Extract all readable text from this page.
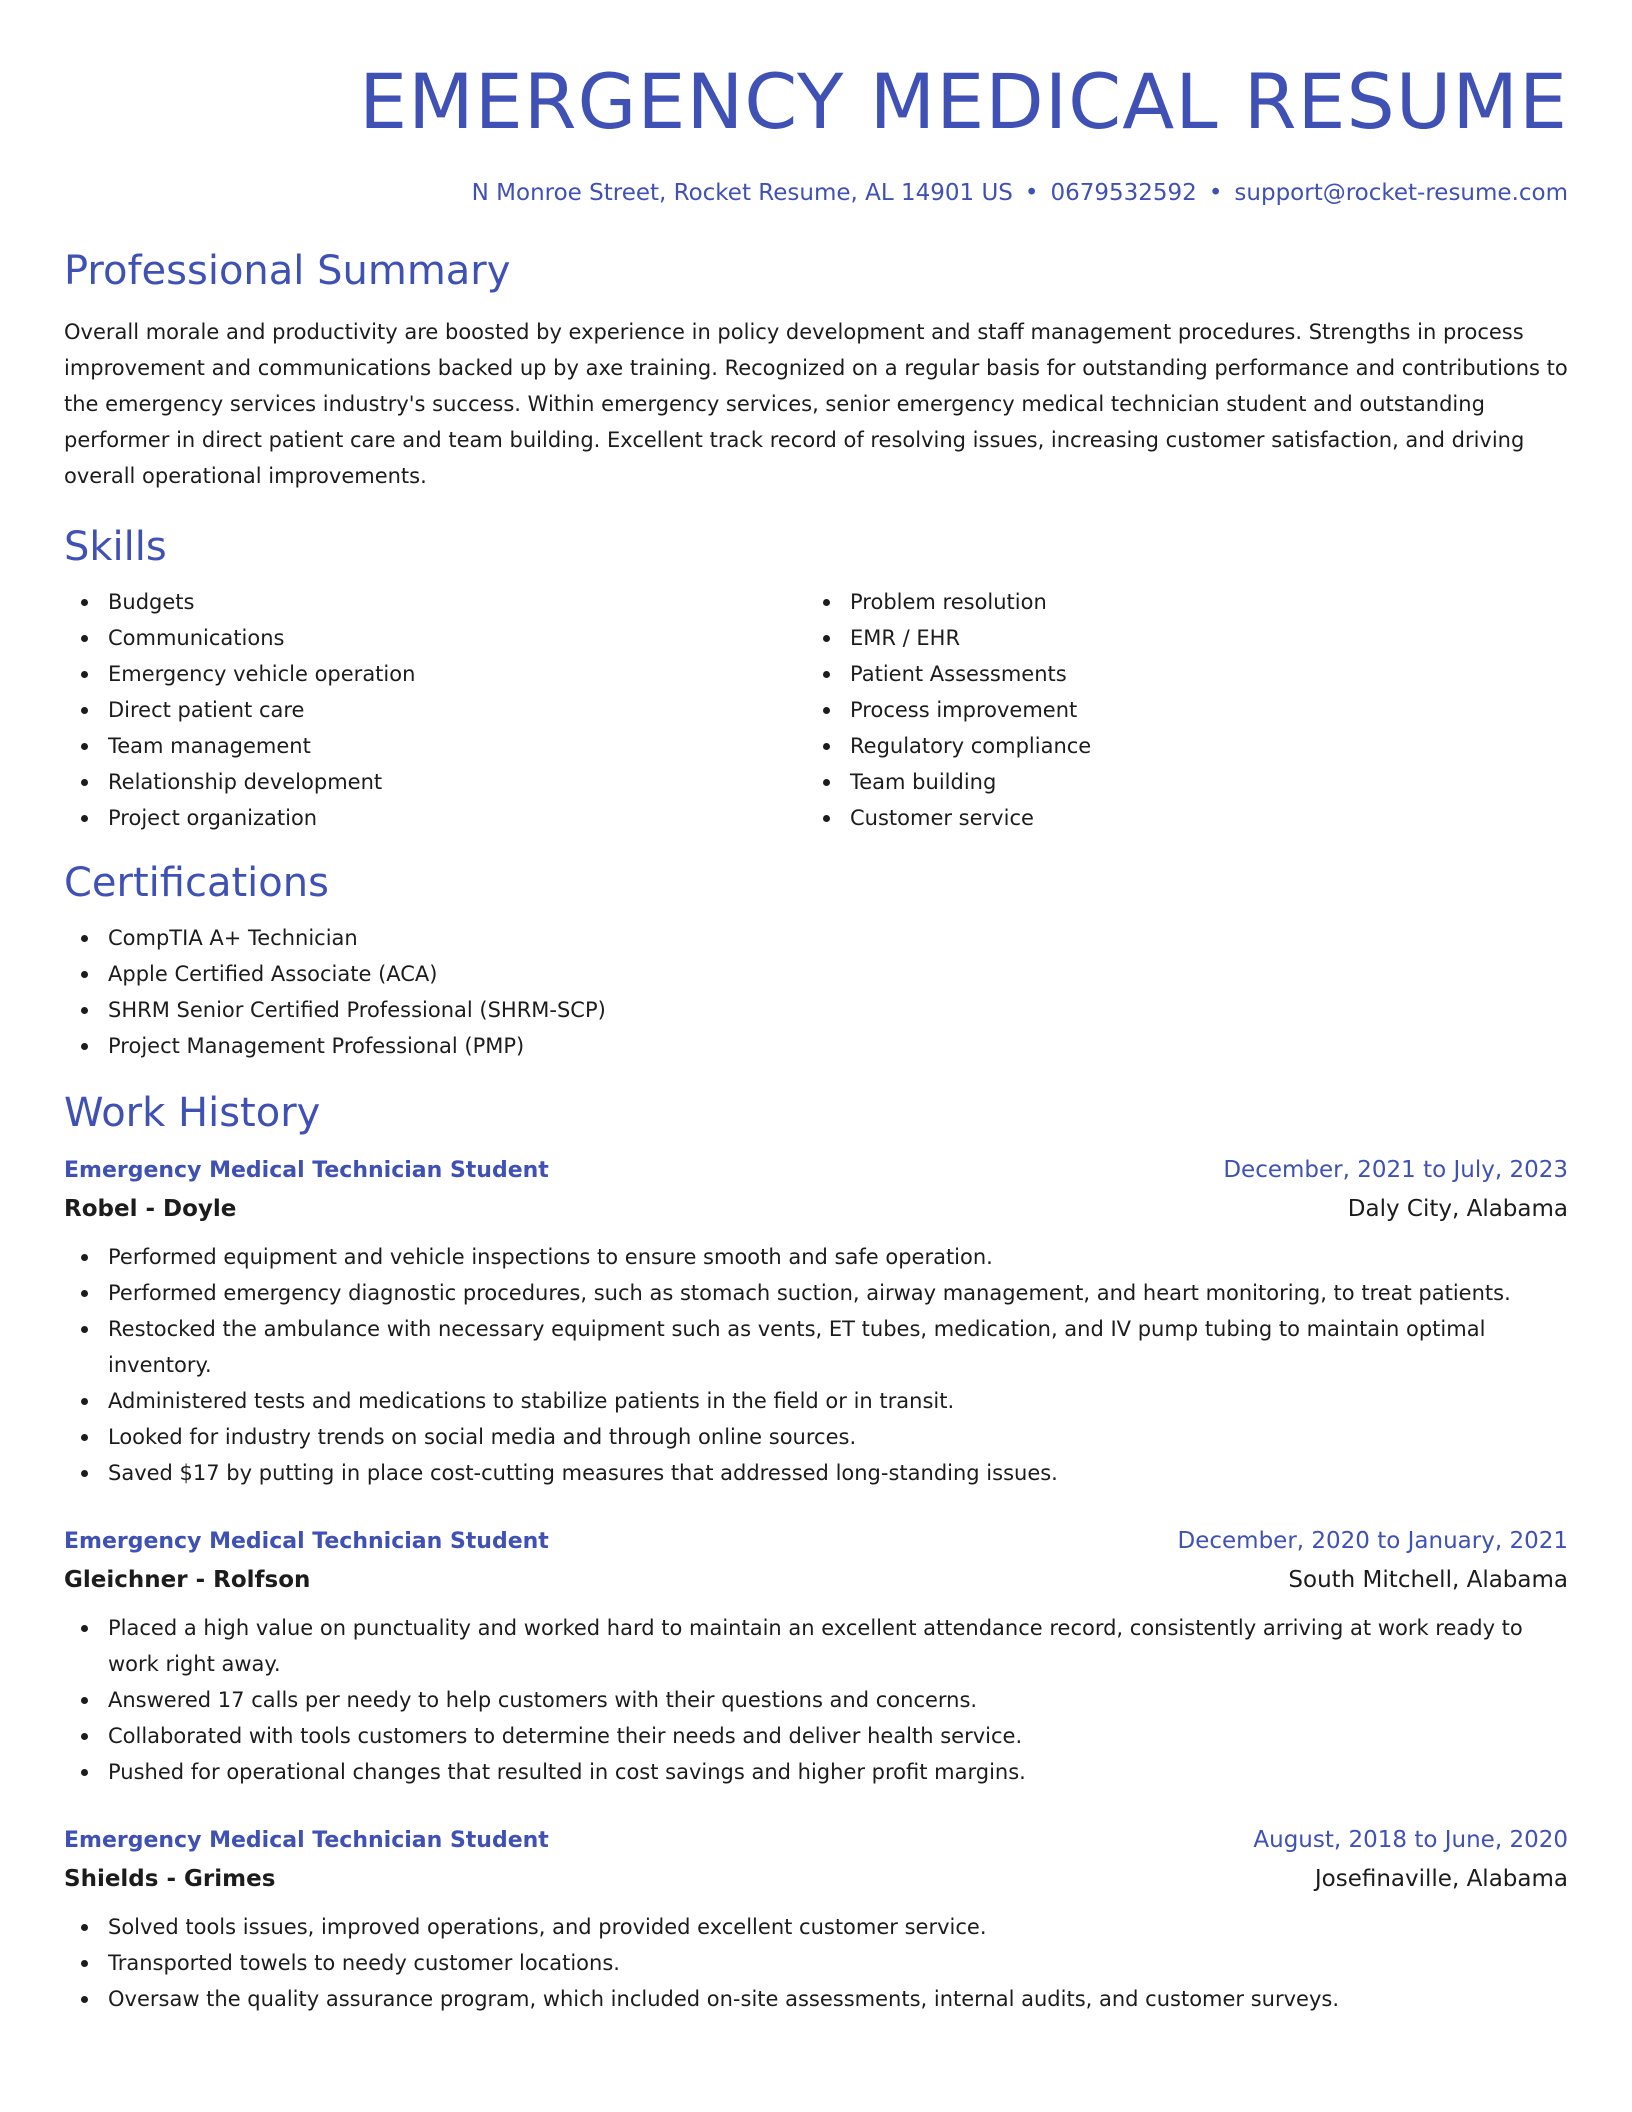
EMERGENCY MEDICAL RESUME
N Monroe Street, Rocket Resume, AL 14901 US • 0679532592 • support@rocket-resume.com
Professional Summary

Overall morale and productivity are boosted by experience in policy development and staff management procedures. Strengths in process improvement and communications backed up by axe training. Recognized on a regular basis for outstanding performance and contributions to the emergency services industry's success. Within emergency services, senior emergency medical technician student and outstanding performer in direct patient care and team building. Excellent track record of resolving issues, increasing customer satisfaction, and driving overall operational improvements.

Skills
Budgets
Communications
Emergency vehicle operation
Direct patient care
Team management
Relationship development
Project organization
Problem resolution
EMR / EHR
Patient Assessments
Process improvement
Regulatory compliance
Team building
Customer service
Certifications
CompTIA A+ Technician
Apple Certified Associate (ACA)
SHRM Senior Certified Professional (SHRM-SCP)
Project Management Professional (PMP)
Work History
Emergency Medical Technician Student	December, 2021 to July, 2023
Robel - Doyle	Daly City, Alabama
Performed equipment and vehicle inspections to ensure smooth and safe operation.
Performed emergency diagnostic procedures, such as stomach suction, airway management, and heart monitoring, to treat patients.
Restocked the ambulance with necessary equipment such as vents, ET tubes, medication, and IV pump tubing to maintain optimal inventory.
Administered tests and medications to stabilize patients in the field or in transit.
Looked for industry trends on social media and through online sources.
Saved $17 by putting in place cost-cutting measures that addressed long-standing issues.
Emergency Medical Technician Student	December, 2020 to January, 2021
Gleichner - Rolfson	South Mitchell, Alabama
Placed a high value on punctuality and worked hard to maintain an excellent attendance record, consistently arriving at work ready to work right away.
Answered 17 calls per needy to help customers with their questions and concerns.
Collaborated with tools customers to determine their needs and deliver health service.
Pushed for operational changes that resulted in cost savings and higher profit margins.
Emergency Medical Technician Student	August, 2018 to June, 2020
Shields - Grimes	Josefinaville, Alabama
Solved tools issues, improved operations, and provided excellent customer service.
Transported towels to needy customer locations.
Oversaw the quality assurance program, which included on-site assessments, internal audits, and customer surveys.
